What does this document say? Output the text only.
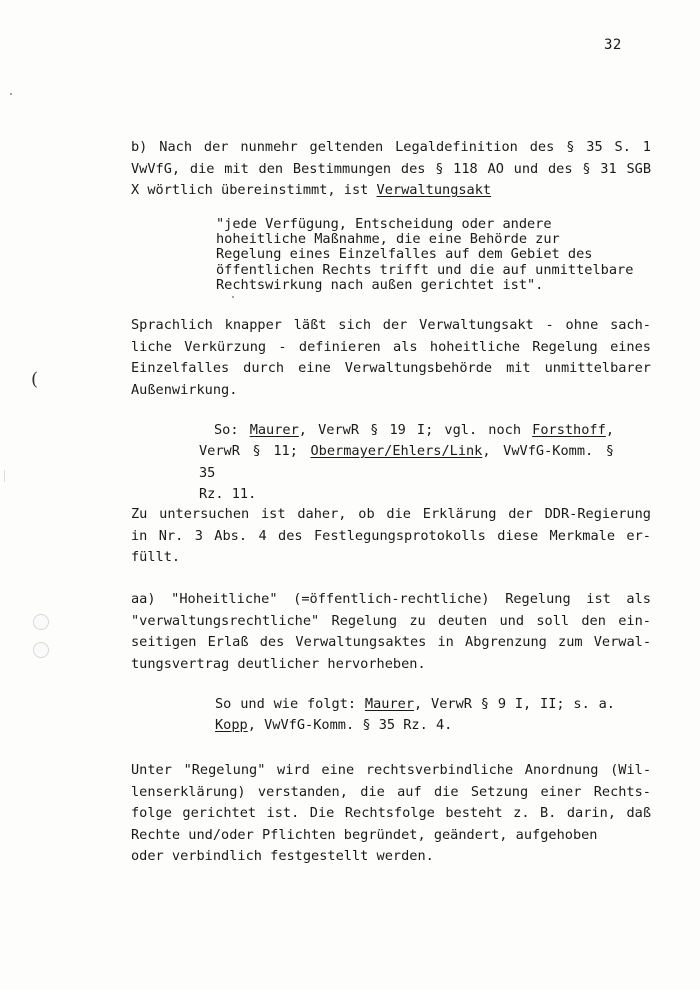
32
b) Nach der nunmehr geltenden Legaldefinition des § 35 S. 1
VwVfG, die mit den Bestimmungen des § 118 AO und des § 31 SGB
X wörtlich übereinstimmt, ist Verwaltungsakt
"jede Verfügung, Entscheidung oder andere
hoheitliche Maßnahme, die eine Behörde zur
Regelung eines Einzelfalles auf dem Gebiet des
öffentlichen Rechts trifft und die auf unmittelbare
Rechtswirkung nach außen gerichtet ist".
Sprachlich knapper läßt sich der Verwaltungsakt - ohne sach-
liche Verkürzung - definieren als hoheitliche Regelung eines
Einzelfalles durch eine Verwaltungsbehörde mit unmittelbarer
Außenwirkung.
So: Maurer, VerwR § 19 I; vgl. noch Forsthoff,
VerwR § 11; Obermayer/Ehlers/Link, VwVfG-Komm. § 35
Rz. 11.
Zu untersuchen ist daher, ob die Erklärung der DDR-Regierung
in Nr. 3 Abs. 4 des Festlegungsprotokolls diese Merkmale er-
füllt.
aa) "Hoheitliche" (=öffentlich-rechtliche) Regelung ist als
"verwaltungsrechtliche" Regelung zu deuten und soll den ein-
seitigen Erlaß des Verwaltungsaktes in Abgrenzung zum Verwal-
tungsvertrag deutlicher hervorheben.
So und wie folgt: Maurer, VerwR § 9 I, II; s. a.
Kopp, VwVfG-Komm. § 35 Rz. 4.
Unter "Regelung" wird eine rechtsverbindliche Anordnung (Wil-
lenserklärung) verstanden, die auf die Setzung einer Rechts-
folge gerichtet ist. Die Rechtsfolge besteht z. B. darin, daß
Rechte und/oder Pflichten begründet, geändert, aufgehoben
oder verbindlich festgestellt werden.
(
